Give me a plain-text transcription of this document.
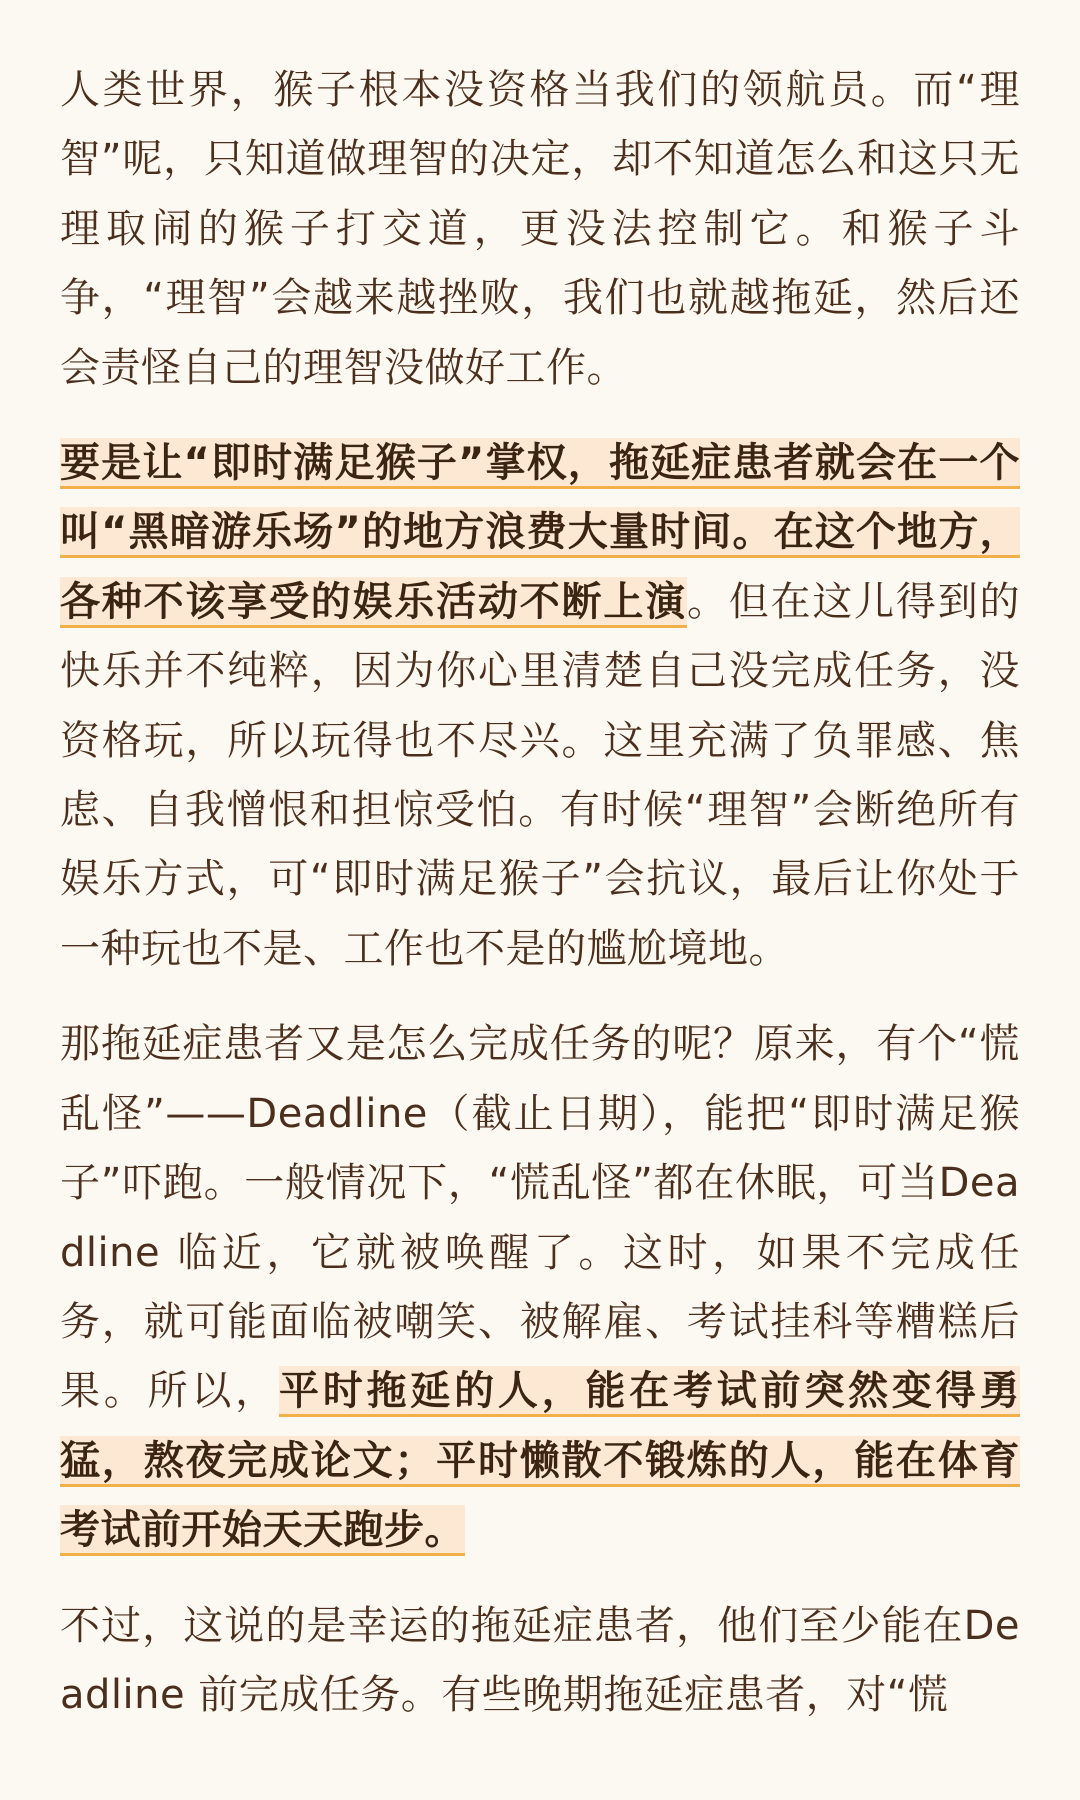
人类世界，猴子根本没资格当我们的领航员。而“理智”呢，只知道做理智的决定，却不知道怎么和这只无理取闹的猴子打交道，更没法控制它。和猴子斗争，“理智”会越来越挫败，我们也就越拖延，然后还会责怪自己的理智没做好工作。

要是让“即时满足猴子”掌权，拖延症患者就会在一个叫“黑暗游乐场”的地方浪费大量时间。在这个地方，各种不该享受的娱乐活动不断上演。但在这儿得到的快乐并不纯粹，因为你心里清楚自己没完成任务，没资格玩，所以玩得也不尽兴。这里充满了负罪感、焦虑、自我憎恨和担惊受怕。有时候“理智”会断绝所有娱乐方式，可“即时满足猴子”会抗议，最后让你处于一种玩也不是、工作也不是的尴尬境地。

那拖延症患者又是怎么完成任务的呢？原来，有个“慌乱怪”——Deadline（截止日期），能把“即时满足猴子”吓跑。一般情况下，“慌乱怪”都在休眠，可当Deadline 临近，它就被唤醒了。这时，如果不完成任务，就可能面临被嘲笑、被解雇、考试挂科等糟糕后果。所以，平时拖延的人，能在考试前突然变得勇猛，熬夜完成论文；平时懒散不锻炼的人，能在体育考试前开始天天跑步。

不过，这说的是幸运的拖延症患者，他们至少能在Deadline 前完成任务。有些晚期拖延症患者，对“慌
